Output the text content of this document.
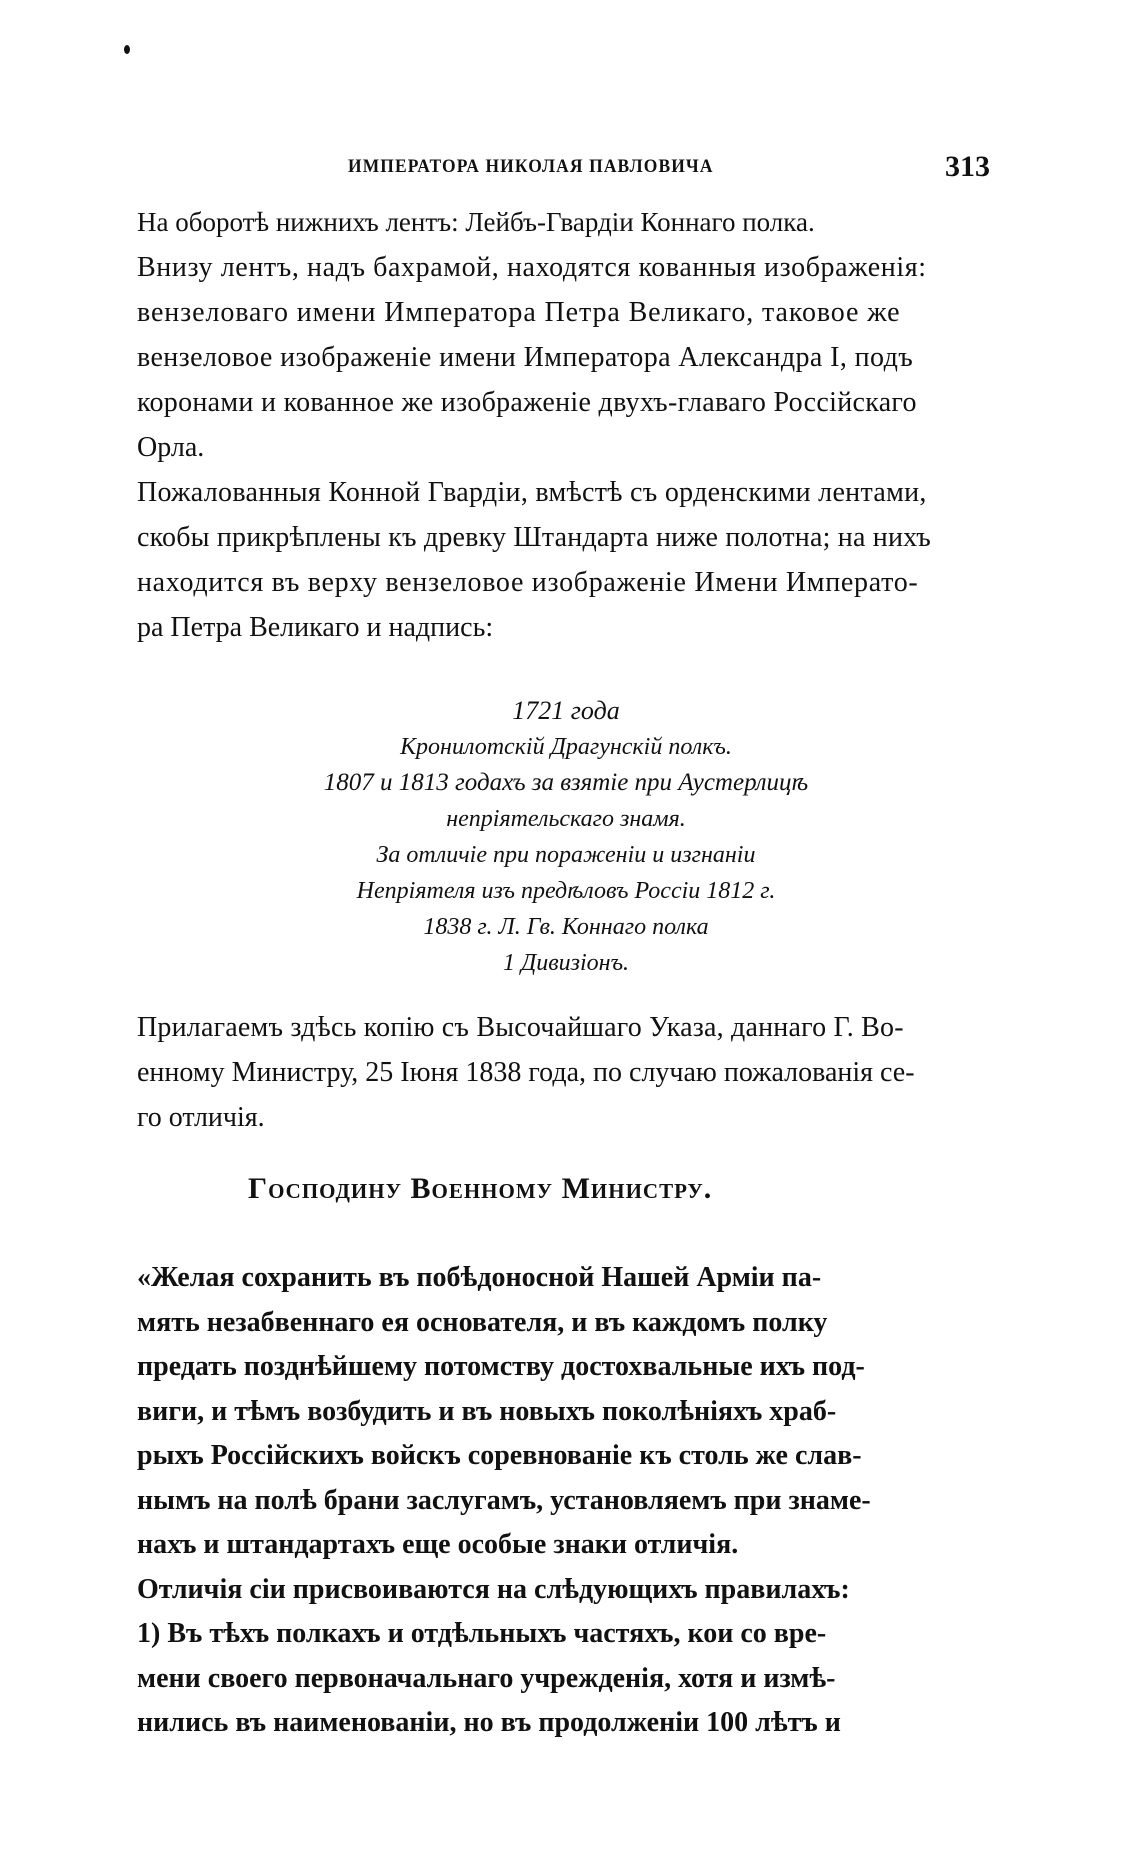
ИМПЕРАТОРА НИКОЛАЯ ПАВЛОВИЧА	313
На оборотѣ нижнихъ лентъ: Лейбъ-Гвардіи Коннаго полка.
Внизу лентъ, надъ бахрамой, находятся кованныя изображенія:
вензеловаго имени Императора Петра Великаго, таковое же
вензеловое изображеніе имени Императора Александра I, подъ
коронами и кованное же изображеніе двухъ-главаго Россійскаго
Орла.
Пожалованныя Конной Гвардіи, вмѣстѣ съ орденскими лентами,
скобы прикрѣплены къ древку Штандарта ниже полотна; на нихъ
находится въ верху вензеловое изображеніе Имени Императо-
ра Петра Великаго и надпись:
1721 года
Кронилотскій Драгунскій полкъ.
1807 и 1813 годахъ за взятіе при Аустерлицѣ
непріятельскаго знамя.
За отличіе при пораженіи и изгнаніи
Непріятеля изъ предѣловъ Россіи 1812 г.
1838 г. Л. Гв. Коннаго полка
1 Дивизіонъ.
Прилагаемъ здѣсь копію съ Высочайшаго Указа, даннаго Г. Во-
енному Министру, 25 Іюня 1838 года, по случаю пожалованія се-
го отличія.
Господину Военному Министру.
«Желая сохранить въ побѣдоносной Нашей Арміи па-
мять незабвеннаго ея основателя, и въ каждомъ полку
предать позднѣйшему потомству достохвальные ихъ под-
виги, и тѣмъ возбудить и въ новыхъ поколѣніяхъ храб-
рыхъ Россійскихъ войскъ соревнованіе къ столь же слав-
нымъ на полѣ брани заслугамъ, установляемъ при знаме-
нахъ и штандартахъ еще особые знаки отличія.
Отличія сіи присвоиваются на слѣдующихъ правилахъ:
1) Въ тѣхъ полкахъ и отдѣльныхъ частяхъ, кои со вре-
мени своего первоначальнаго учрежденія, хотя и измѣ-
нились въ наименованіи, но въ продолженіи 100 лѣтъ и
